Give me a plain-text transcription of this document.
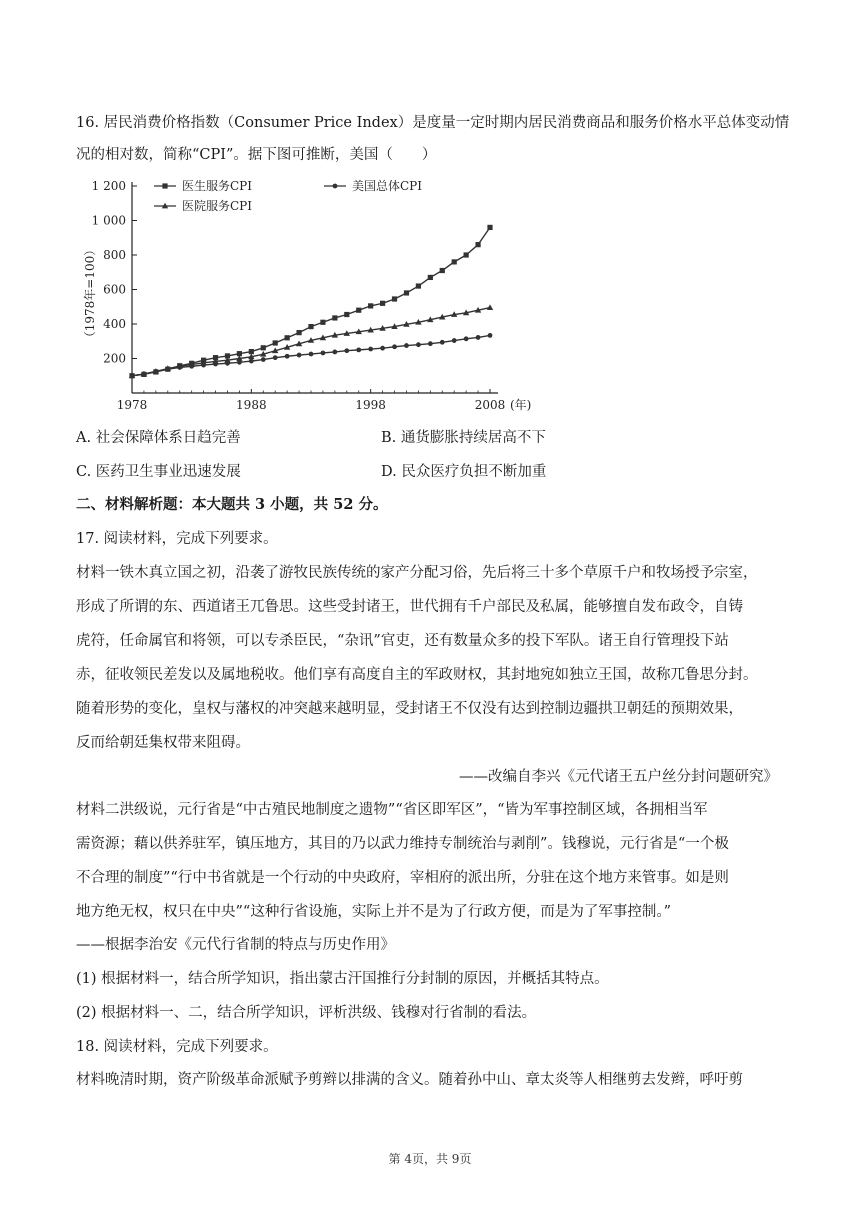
16. 居民消费价格指数（Consumer Price Index）是度量一定时期内居民消费商品和服务价格水平总体变动情
况的相对数，简称“CPI”。据下图可推断，美国（　　）
200
400
600
800
1 000
1 200
1978	1988	1998	2008 (年)
（1978年=100）
医生服务CPI	美国总体CPI
医院服务CPI
A. 社会保障体系日趋完善	B. 通货膨胀持续居高不下
C. 医药卫生事业迅速发展	D. 民众医疗负担不断加重
二、材料解析题：本大题共 3 小题，共 52 分。
17. 阅读材料，完成下列要求。
材料一铁木真立国之初，沿袭了游牧民族传统的家产分配习俗，先后将三十多个草原千户和牧场授予宗室，
形成了所谓的东、西道诸王兀鲁思。这些受封诸王，世代拥有千户部民及私属，能够擅自发布政令，自铸
虎符，任命属官和将领，可以专杀臣民，“杂讯”官吏，还有数量众多的投下军队。诸王自行管理投下站
赤，征收领民差发以及属地税收。他们享有高度自主的军政财权，其封地宛如独立王国，故称兀鲁思分封。
随着形势的变化，皇权与藩权的冲突越来越明显，受封诸王不仅没有达到控制边疆拱卫朝廷的预期效果，
反而给朝廷集权带来阻碍。
——改编自李兴《元代诸王五户丝分封问题研究》
材料二洪级说，元行省是“中古殖民地制度之遗物”“省区即军区”，“皆为军事控制区域，各拥相当军
需资源；藉以供养驻军，镇压地方，其目的乃以武力维持专制统治与剥削”。钱穆说，元行省是“一个极
不合理的制度”“行中书省就是一个行动的中央政府，宰相府的派出所，分驻在这个地方来管事。如是则
地方绝无权，权只在中央”“这种行省设施，实际上并不是为了行政方便，而是为了军事控制。”
——根据李治安《元代行省制的特点与历史作用》
(1) 根据材料一，结合所学知识，指出蒙古汗国推行分封制的原因，并概括其特点。
(2) 根据材料一、二，结合所学知识，评析洪级、钱穆对行省制的看法。
18. 阅读材料，完成下列要求。
材料晚清时期，资产阶级革命派赋予剪辫以排满的含义。随着孙中山、章太炎等人相继剪去发辫，呼吁剪
第 4页，共 9页
